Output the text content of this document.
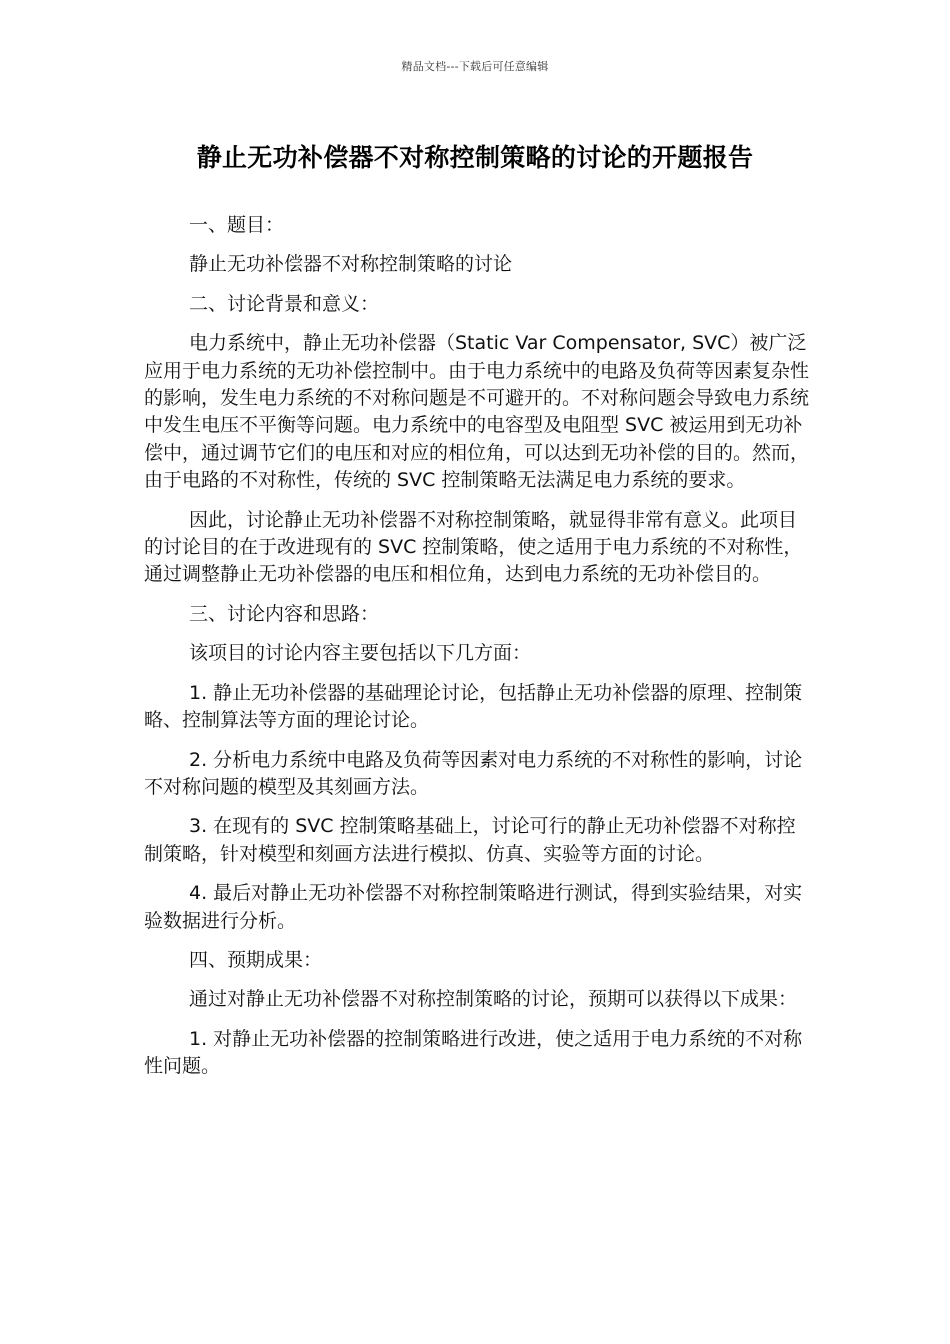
精品文档---下载后可任意编辑
静止无功补偿器不对称控制策略的讨论的开题报告

一、题目：

静止无功补偿器不对称控制策略的讨论

二、讨论背景和意义：

电力系统中，静止无功补偿器（Static Var Compensator, SVC）被广泛应用于电力系统的无功补偿控制中。由于电力系统中的电路及负荷等因素复杂性的影响，发生电力系统的不对称问题是不可避开的。不对称问题会导致电力系统中发生电压不平衡等问题。电力系统中的电容型及电阻型 SVC 被运用到无功补偿中，通过调节它们的电压和对应的相位角，可以达到无功补偿的目的。然而，由于电路的不对称性，传统的 SVC 控制策略无法满足电力系统的要求。

因此，讨论静止无功补偿器不对称控制策略，就显得非常有意义。此项目的讨论目的在于改进现有的 SVC 控制策略，使之适用于电力系统的不对称性，通过调整静止无功补偿器的电压和相位角，达到电力系统的无功补偿目的。

三、讨论内容和思路：

该项目的讨论内容主要包括以下几方面：

1. 静止无功补偿器的基础理论讨论，包括静止无功补偿器的原理、控制策略、控制算法等方面的理论讨论。

2. 分析电力系统中电路及负荷等因素对电力系统的不对称性的影响，讨论不对称问题的模型及其刻画方法。

3. 在现有的 SVC 控制策略基础上，讨论可行的静止无功补偿器不对称控制策略，针对模型和刻画方法进行模拟、仿真、实验等方面的讨论。

4. 最后对静止无功补偿器不对称控制策略进行测试，得到实验结果，对实验数据进行分析。

四、预期成果：

通过对静止无功补偿器不对称控制策略的讨论，预期可以获得以下成果：

1. 对静止无功补偿器的控制策略进行改进，使之适用于电力系统的不对称性问题。
